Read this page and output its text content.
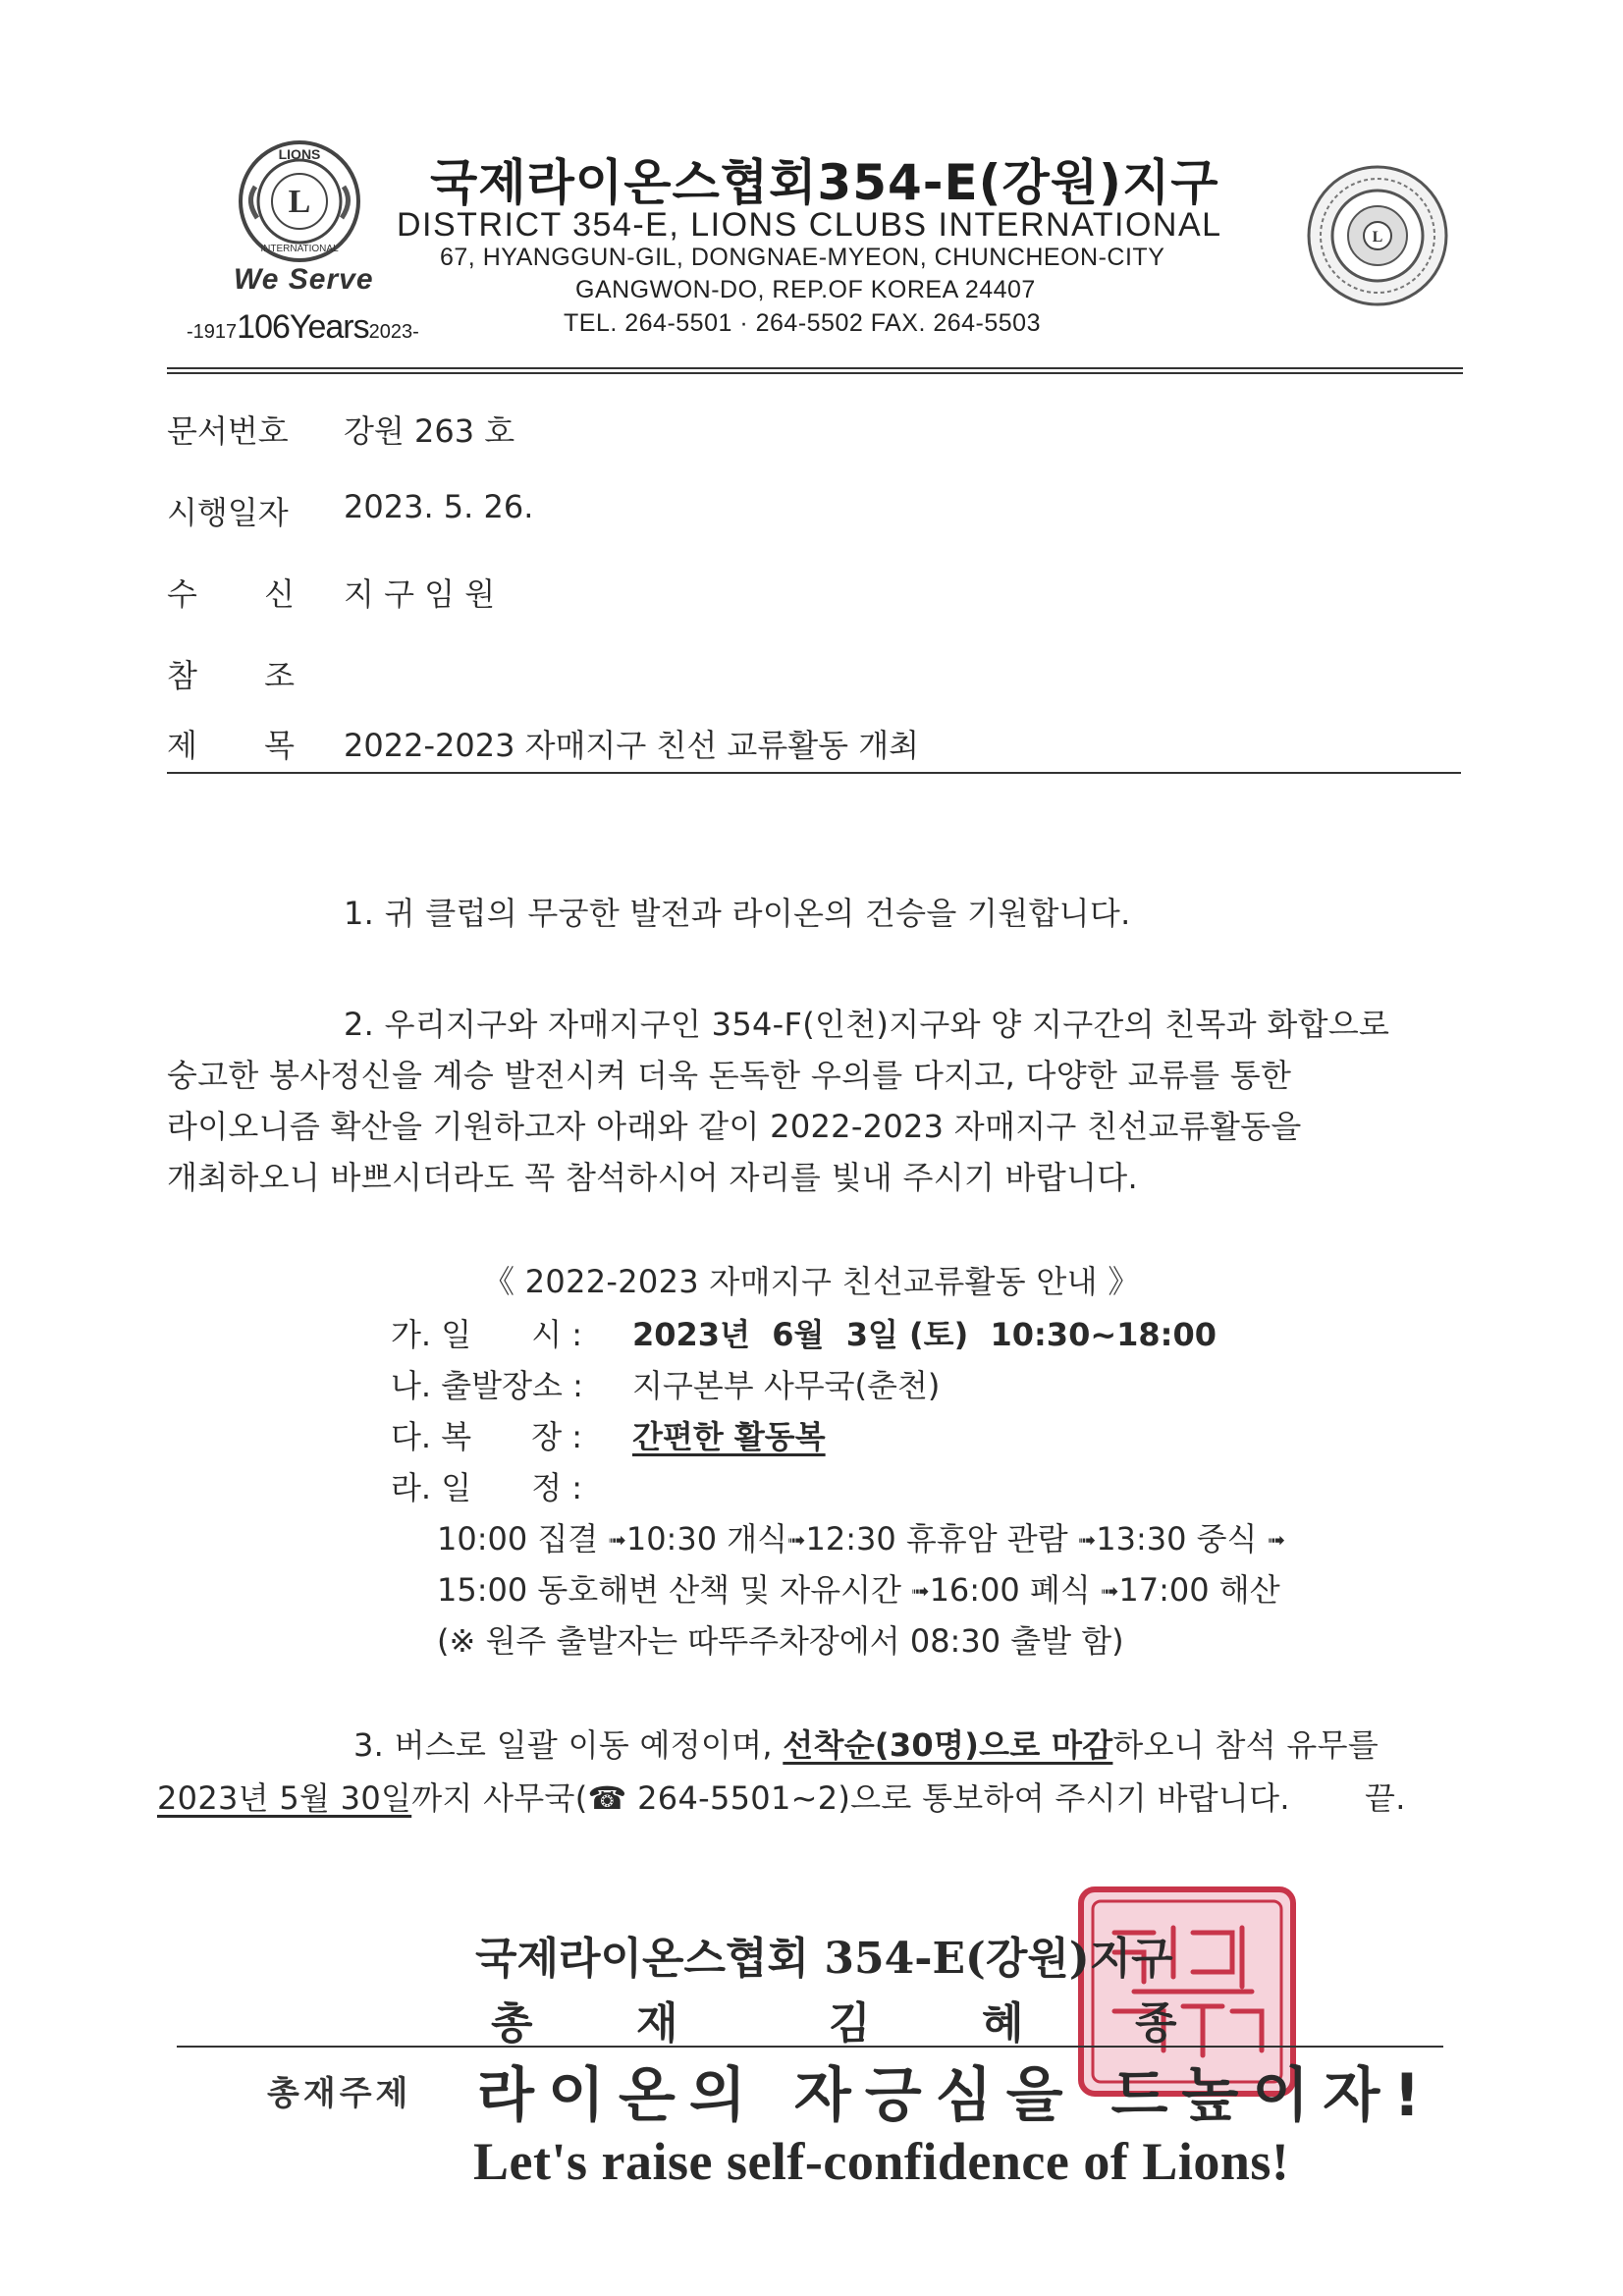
L
LIONS
INTERNATIONAL
We Serve
-1917106Years2023-
국제라이온스협회354-E(강원)지구
DISTRICT 354-E, LIONS CLUBS INTERNATIONAL
67, HYANGGUN-GIL, DONGNAE-MYEON, CHUNCHEON-CITY
GANGWON-DO, REP.OF KOREA 24407
TEL. 264-5501 · 264-5502 FAX. 264-5503
L
문서번호 강원 263 호
시행일자 2023. 5. 26.
수 신 지 구 임 원
참 조
제 목 2022-2023 자매지구 친선 교류활동 개최
1. 귀 클럽의 무궁한 발전과 라이온의 건승을 기원합니다.
2. 우리지구와 자매지구인 354-F(인천)지구와 양 지구간의 친목과 화합으로
숭고한 봉사정신을 계승 발전시켜 더욱 돈독한 우의를 다지고, 다양한 교류를 통한
라이오니즘 확산을 기원하고자 아래와 같이 2022-2023 자매지구 친선교류활동을
개최하오니 바쁘시더라도 꼭 참석하시어 자리를 빛내 주시기 바랍니다.
《 2022-2023 자매지구 친선교류활동 안내 》
가. 일      시 : 2023년  6월  3일 (토)  10:30~18:00
나. 출발장소 : 지구본부 사무국(춘천)
다. 복      장 : 간편한 활동복
라. 일      정 :
10:00 집결 ➟10:30 개식➟12:30 휴휴암 관람 ➟13:30 중식 ➟
15:00 동호해변 산책 및 자유시간 ➟16:00 폐식 ➟17:00 해산
(※ 원주 출발자는 따뚜주차장에서 08:30 출발 함)
3. 버스로 일괄 이동 예정이며, 선착순(30명)으로 마감하오니 참석 유무를
2023년 5월 30일까지 사무국(☎ 264-5501~2)으로 통보하여 주시기 바랍니다. 끝.
국제라이온스협회 354-E(강원)지구
총 재	김	혜	종
총재주제 라이온의 자긍심을 드높이자!
Let's raise self-confidence of Lions!
